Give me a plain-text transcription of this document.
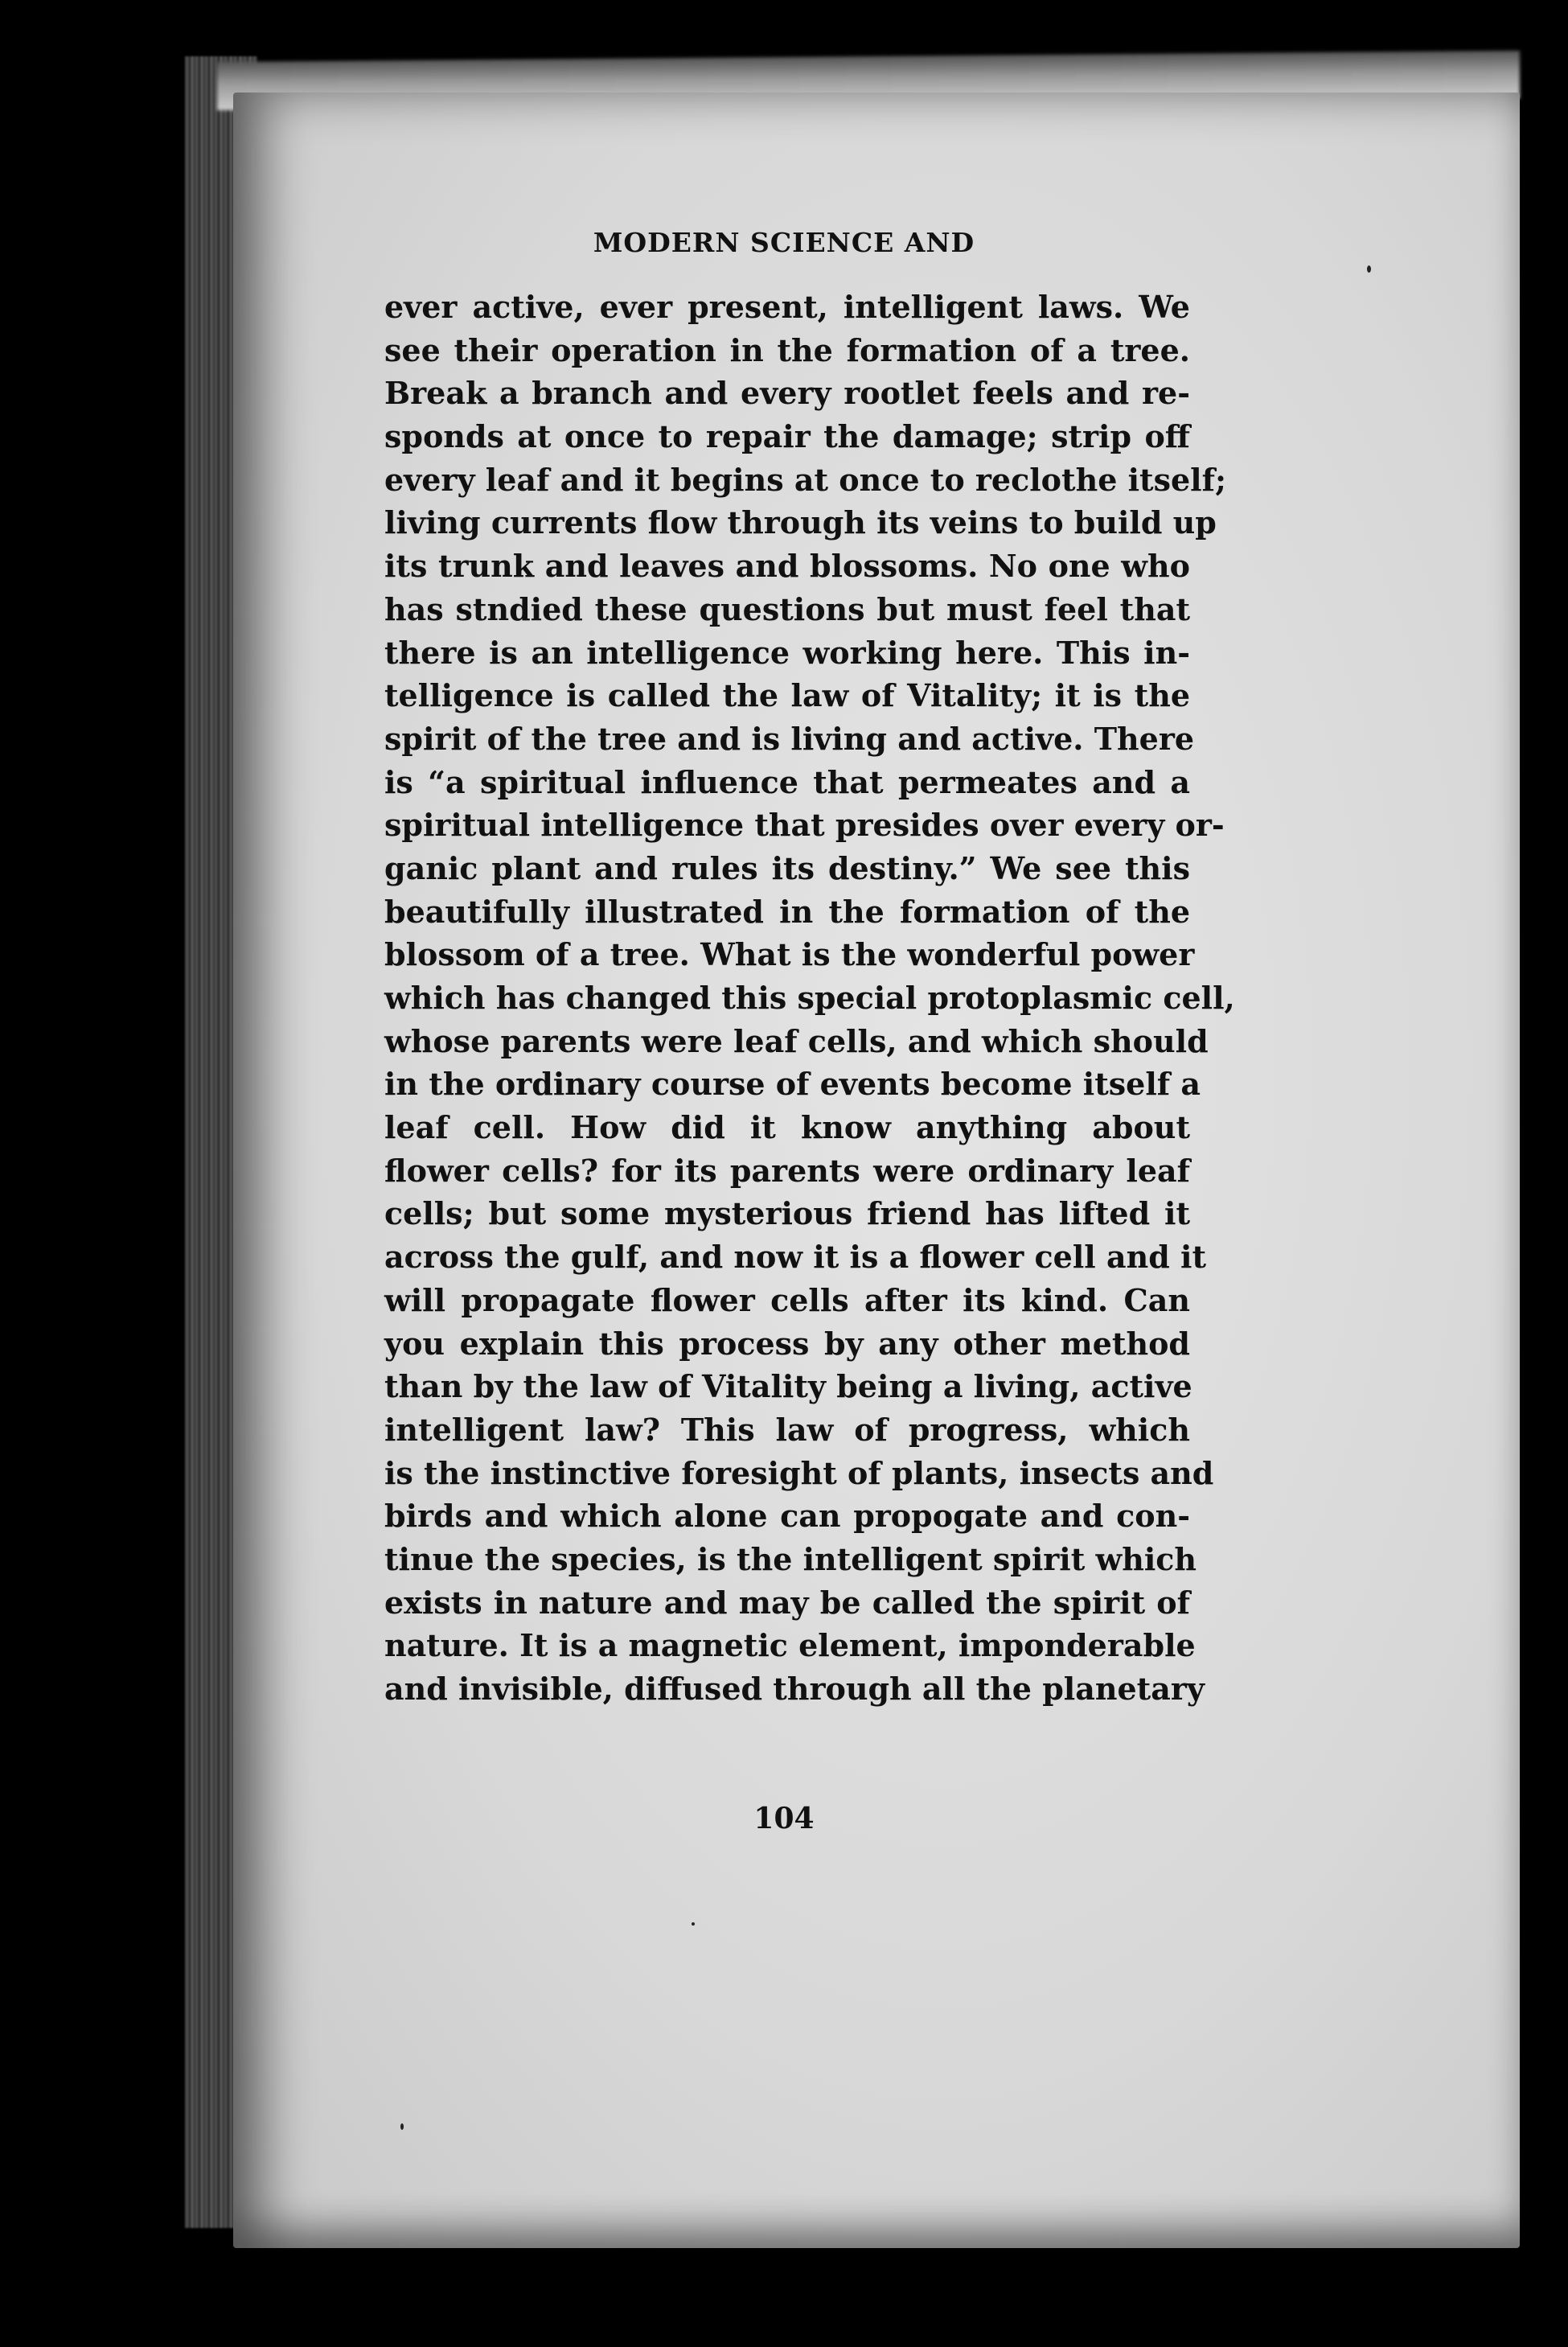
MODERN SCIENCE AND
ever active, ever present, intelligent laws. We
see their operation in the formation of a tree.
Break a branch and every rootlet feels and re-
sponds at once to repair the damage; strip off
every leaf and it begins at once to reclothe itself;
living currents flow through its veins to build up
its trunk and leaves and blossoms. No one who
has stndied these questions but must feel that
there is an intelligence working here. This in-
telligence is called the law of Vitality; it is the
spirit of the tree and is living and active. There
is “a spiritual influence that permeates and a
spiritual intelligence that presides over every or-
ganic plant and rules its destiny.” We see this
beautifully illustrated in the formation of the
blossom of a tree. What is the wonderful power
which has changed this special protoplasmic cell,
whose parents were leaf cells, and which should
in the ordinary course of events become itself a
leaf cell. How did it know anything about
flower cells? for its parents were ordinary leaf
cells; but some mysterious friend has lifted it
across the gulf, and now it is a flower cell and it
will propagate flower cells after its kind. Can
you explain this process by any other method
than by the law of Vitality being a living, active
intelligent law? This law of progress, which
is the instinctive foresight of plants, insects and
birds and which alone can propogate and con-
tinue the species, is the intelligent spirit which
exists in nature and may be called the spirit of
nature. It is a magnetic element, imponderable
and invisible, diffused through all the planetary
104
